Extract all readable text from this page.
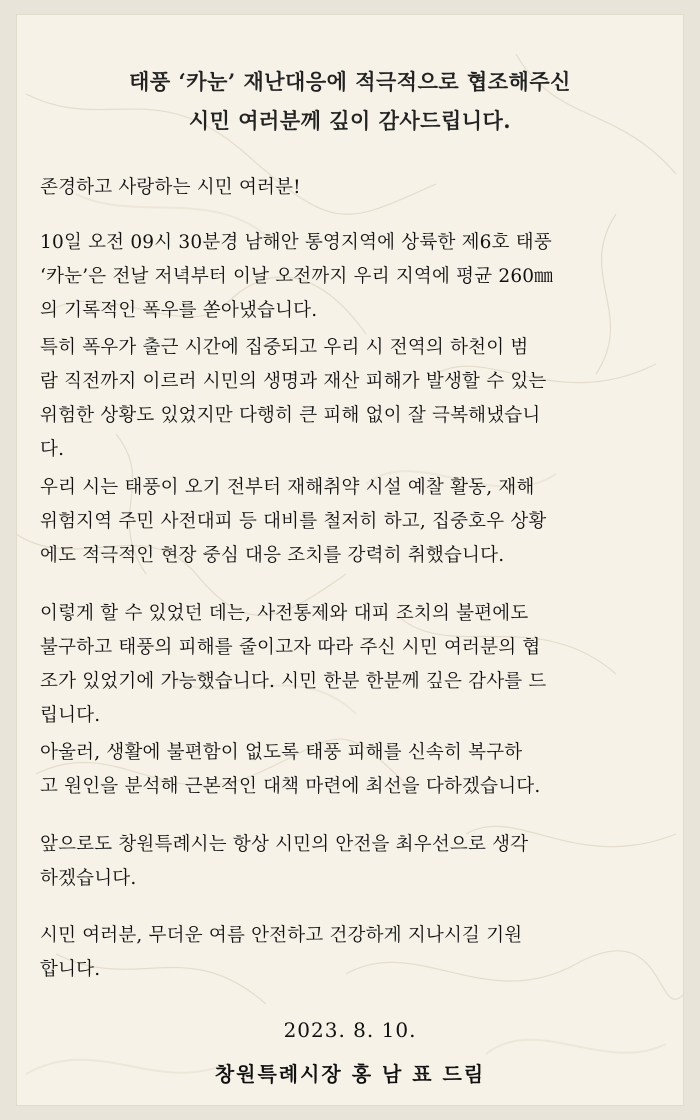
태풍 ‘카눈’ 재난대응에 적극적으로 협조해주신
시민 여러분께 깊이 감사드립니다.
존경하고 사랑하는 시민 여러분!
10일 오전 09시 30분경 남해안 통영지역에 상륙한 제6호 태풍
‘카눈’은 전날 저녁부터 이날 오전까지 우리 지역에 평균 260㎜
의 기록적인 폭우를 쏟아냈습니다.
특히 폭우가 출근 시간에 집중되고 우리 시 전역의 하천이 범
람 직전까지 이르러 시민의 생명과 재산 피해가 발생할 수 있는
위험한 상황도 있었지만 다행히 큰 피해 없이 잘 극복해냈습니
다.
우리 시는 태풍이 오기 전부터 재해취약 시설 예찰 활동, 재해
위험지역 주민 사전대피 등 대비를 철저히 하고, 집중호우 상황
에도 적극적인 현장 중심 대응 조치를 강력히 취했습니다.
이렇게 할 수 있었던 데는, 사전통제와 대피 조치의 불편에도
불구하고 태풍의 피해를 줄이고자 따라 주신 시민 여러분의 협
조가 있었기에 가능했습니다. 시민 한분 한분께 깊은 감사를 드
립니다.
아울러, 생활에 불편함이 없도록 태풍 피해를 신속히 복구하
고 원인을 분석해 근본적인 대책 마련에 최선을 다하겠습니다.
앞으로도 창원특례시는 항상 시민의 안전을 최우선으로 생각
하겠습니다.
시민 여러분, 무더운 여름 안전하고 건강하게 지나시길 기원
합니다.
2023. 8. 10.
창원특례시장 홍 남 표 드림
